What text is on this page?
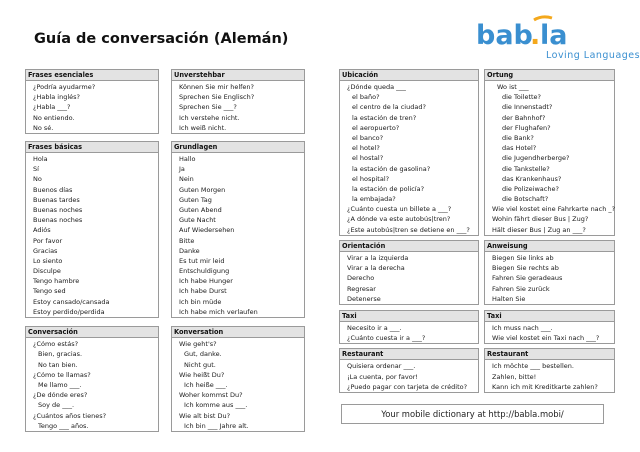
Guía de conversación (Alemán)	bab
. la
Loving Languages
Frases esenciales
¿Podría ayudarme?
¿Habla inglés?
¿Habla ___?
No entiendo.
No sé.
Frases básicas
Hola
Sí
No
Buenos días
Buenas tardes
Buenas noches
Buenas noches
Adiós
Por favor
Gracias
Lo siento
Disculpe
Tengo hambre
Tengo sed
Estoy cansado/cansada
Estoy perdido/perdida
Conversación
¿Cómo estás?
Bien, gracias.
No tan bien.
¿Cómo te llamas?
Me llamo ___.
¿De dónde eres?
Soy de ___.
¿Cuántos años tienes?
Tengo ___ años.
Unverstehbar
Können Sie mir helfen?
Sprechen Sie Englisch?
Sprechen Sie ___?
Ich verstehe nicht.
Ich weiß nicht.
Grundlagen
Hallo
Ja
Nein
Guten Morgen
Guten Tag
Guten Abend
Gute Nacht
Auf Wiedersehen
Bitte
Danke
Es tut mir leid
Entschuldigung
Ich habe Hunger
Ich habe Durst
Ich bin müde
Ich habe mich verlaufen
Konversation
Wie geht's?
Gut, danke.
Nicht gut.
Wie heißt Du?
Ich heiße ___.
Woher kommst Du?
Ich komme aus ___.
Wie alt bist Du?
Ich bin ___ Jahre alt.
Ubicación
¿Dónde queda ___
el baño?
el centro de la ciudad?
la estación de tren?
el aeropuerto?
el banco?
el hotel?
el hostal?
la estación de gasolina?
el hospital?
la estación de policía?
la embajada?
¿Cuánto cuesta un billete a ___?
¿A dónde va este autobús|tren?
¿Este autobús|tren se detiene en ___?
Orientación
Virar a la izquierda
Virar a la derecha
Derecho
Regresar
Detenerse
Taxi
Necesito ir a ___.
¿Cuánto cuesta ir a ___?
Restaurant
Quisiera ordenar ___.
¡La cuenta, por favor!
¿Puedo pagar con tarjeta de crédito?
Ortung
Wo ist ___
die Toilette?
die Innenstadt?
der Bahnhof?
der Flughafen?
die Bank?
das Hotel?
die Jugendherberge?
die Tankstelle?
das Krankenhaus?
die Polizeiwache?
die Botschaft?
Wie viel kostet eine Fahrkarte nach _?
Wohin fährt dieser Bus | Zug?
Hält dieser Bus | Zug an ___?
Anweisung
Biegen Sie links ab
Biegen Sie rechts ab
Fahren Sie geradeaus
Fahren Sie zurück
Halten Sie
Taxi
Ich muss nach ___.
Wie viel kostet ein Taxi nach ___?
Restaurant
Ich möchte ___ bestellen.
Zahlen, bitte!
Kann ich mit Kreditkarte zahlen?
Your mobile dictionary at http://babla.mobi/
